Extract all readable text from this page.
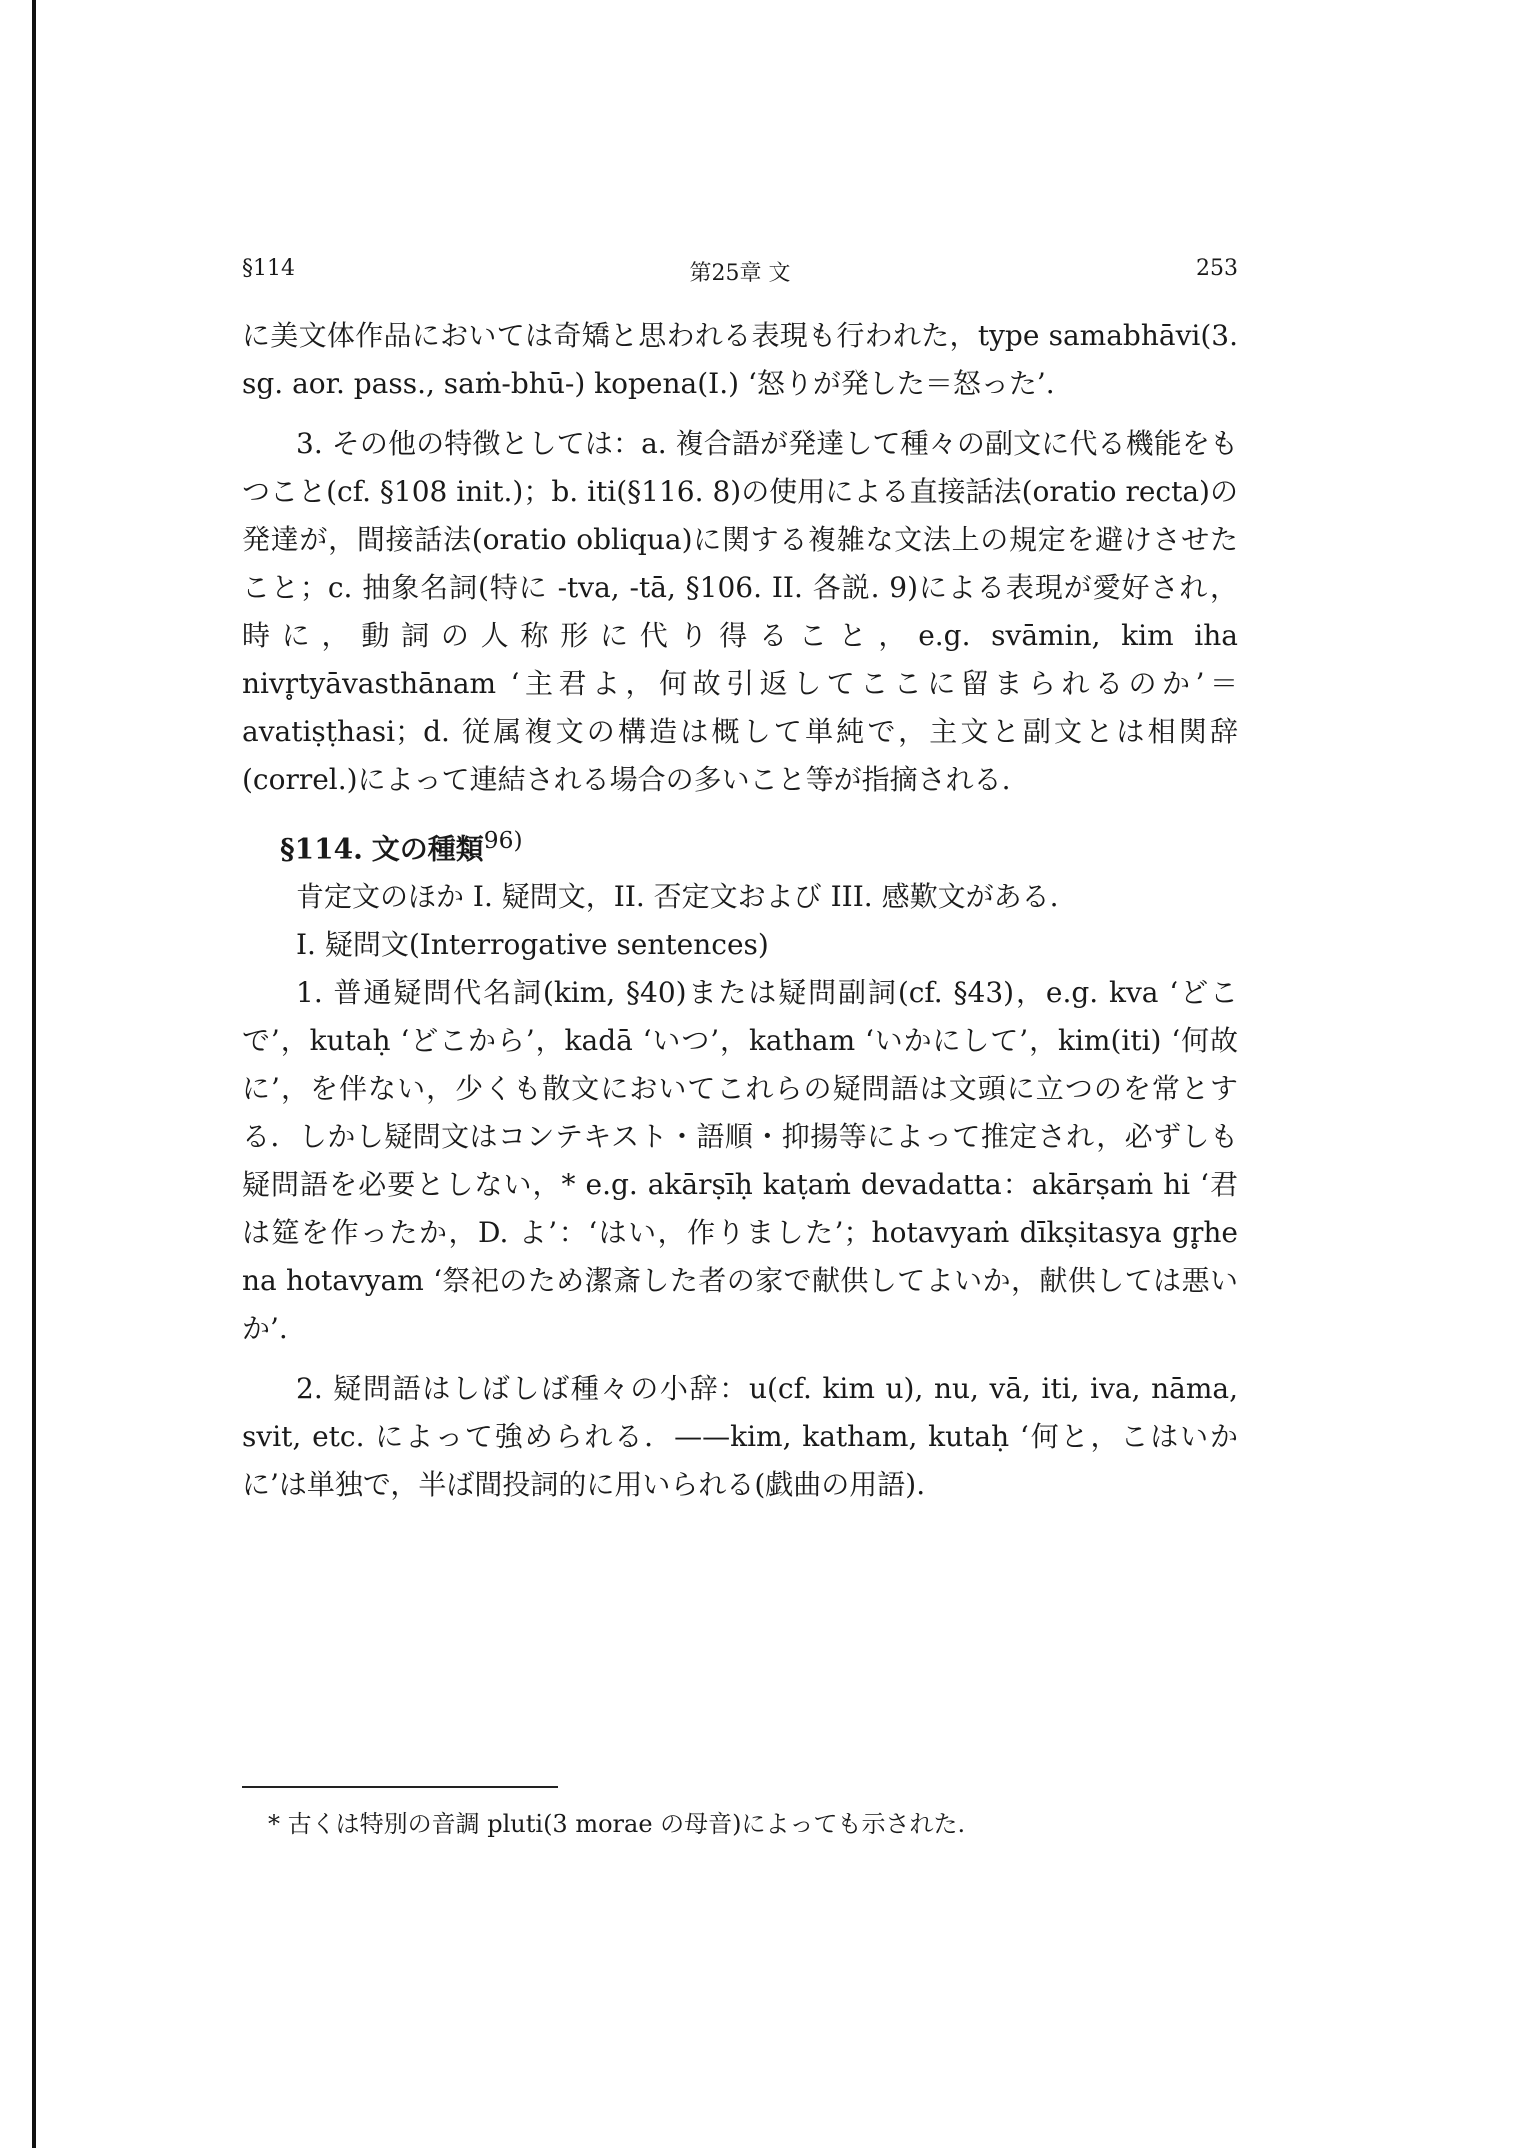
§114	第25章 文	253

に美文体作品においては奇矯と思われる表現も行われた，type samabhāvi(3. sg. aor. pass., saṁ-bhū-) kopena(I.) ‘怒りが発した＝怒った’.

3. その他の特徴としては：a. 複合語が発達して種々の副文に代る機能をもつこと(cf. §108 init.)；b. iti(§116. 8)の使用による直接話法(oratio recta)の発達が，間接話法(oratio obliqua)に関する複雑な文法上の規定を避けさせたこと；c. 抽象名詞(特に -tva, -tā, §106. II. 各説. 9)による表現が愛好され，時に，動詞の人称形に代り得ること，e.g. svāmin, kim iha nivr̥tyāvasthānam ‘主君よ，何故引返してここに留まられるのか’＝avatiṣṭhasi；d. 従属複文の構造は概して単純で，主文と副文とは相関辞(correl.)によって連結される場合の多いこと等が指摘される.

§114. 文の種類$^{96)}$

肯定文のほか I. 疑問文，II. 否定文および III. 感歎文がある.

I. 疑問文(Interrogative sentences)

1. 普通疑問代名詞(kim, §40)または疑問副詞(cf. §43)，e.g. kva ‘どこで’，kutaḥ ‘どこから’，kadā ‘いつ’，katham ‘いかにして’，kim(iti) ‘何故に’，を伴ない，少くも散文においてこれらの疑問語は文頭に立つのを常とする．しかし疑問文はコンテキスト・語順・抑揚等によって推定され，必ずしも疑問語を必要としない，* e.g. akārṣīḥ kaṭaṁ devadatta：akārṣaṁ hi ‘君は筵を作ったか，D. よ’：‘はい，作りました’；hotavyaṁ dīkṣitasya gr̥he na hotavyam ‘祭祀のため潔斎した者の家で献供してよいか，献供しては悪いか’.

2. 疑問語はしばしば種々の小辞：u(cf. kim u), nu, vā, iti, iva, nāma, svit, etc. によって強められる．——kim, katham, kutaḥ ‘何と，こはいかに’は単独で，半ば間投詞的に用いられる(戯曲の用語).

* 古くは特別の音調 pluti(3 morae の母音)によっても示された.
